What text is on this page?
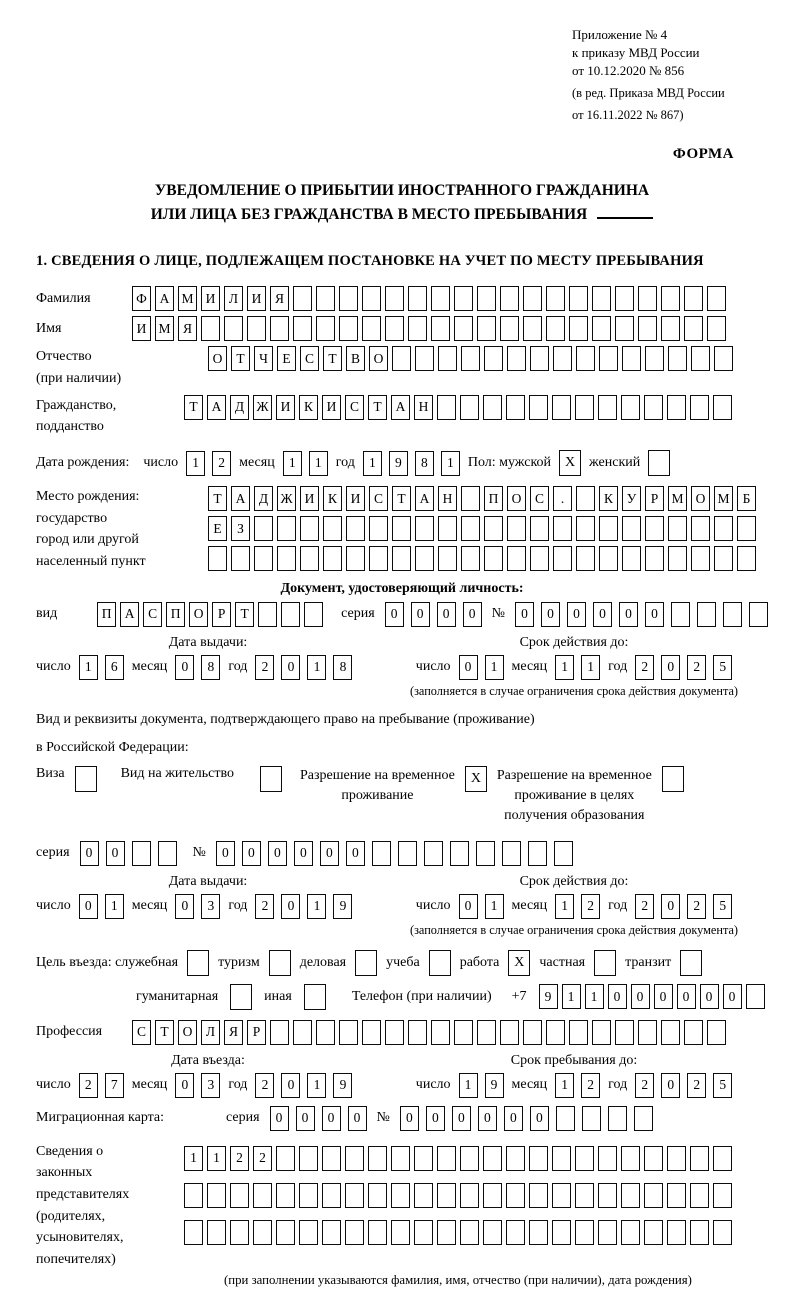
Приложение № 4
к приказу МВД России
от 10.12.2020 № 856
(в ред. Приказа МВД России
от 16.11.2022 № 867)
ФОРМА
УВЕДОМЛЕНИЕ О ПРИБЫТИИ ИНОСТРАННОГО ГРАЖДАНИНА
ИЛИ ЛИЦА БЕЗ ГРАЖДАНСТВА В МЕСТО ПРЕБЫВАНИЯ
1. СВЕДЕНИЯ О ЛИЦЕ, ПОДЛЕЖАЩЕМ ПОСТАНОВКЕ НА УЧЕТ ПО МЕСТУ ПРЕБЫВАНИЯ
Фамилия	Ф А М И	Л	И	Я
Имя	И М Я
Отчество
(при наличии)
О	Т	Ч	Е	С	Т	В	О
Гражданство,
подданство
Т	А	Д Ж И	К	И	С	Т	А Н
Дата рождения: число	1	2	месяц	1	1	год	1	9	8	1	Пол: мужской X женский
Место рождения:
государство
город или другой
населенный пункт
Т	А	Д Ж И	К	И	С	Т	А Н	П О	С	.	К	У	Р М О М Б
Е	З
Документ, удостоверяющий личность:
вид	П А	С	П О	Р	Т	серия	0	0	0	0	№	0	0	0	0	0	0
Дата выдачи:
число	1	6	месяц	0	8	год	2	0	1	8
Срок действия до:
число	0	1	месяц	1	1	год	2	0	2	5
(заполняется в случае ограничения срока действия документа)
Вид и реквизиты документа, подтверждающего право на пребывание (проживание)
в Российской Федерации:
Виза	Вид на жительство	Разрешение на временное
проживание
X	Разрешение на временное
проживание в целях
получения образования
серия	0	0	№	0	0	0	0	0	0
Дата выдачи:
число	0	1	месяц	0	3	год	2	0	1	9
Срок действия до:
число	0	1	месяц	1	2	год	2	0	2	5
(заполняется в случае ограничения срока действия документа)
Цель въезда: служебная	туризм	деловая	учеба	работа	X	частная	транзит
гуманитарная	иная	Телефон (при наличии) +7	9	1	1	0	0	0	0	0	0
Профессия	С	Т	О	Л	Я	Р
Дата въезда:
число	2	7	месяц	0	3	год	2	0	1	9
Срок пребывания до:
число	1	9	месяц	1	2	год	2	0	2	5
Миграционная карта:	серия	0	0	0	0	№	0	0	0	0	0	0
Сведения о
законных
представителях
(родителях,
усыновителях,
попечителях)
1	1	2	2
(при заполнении указываются фамилия, имя, отчество (при наличии), дата рождения)
